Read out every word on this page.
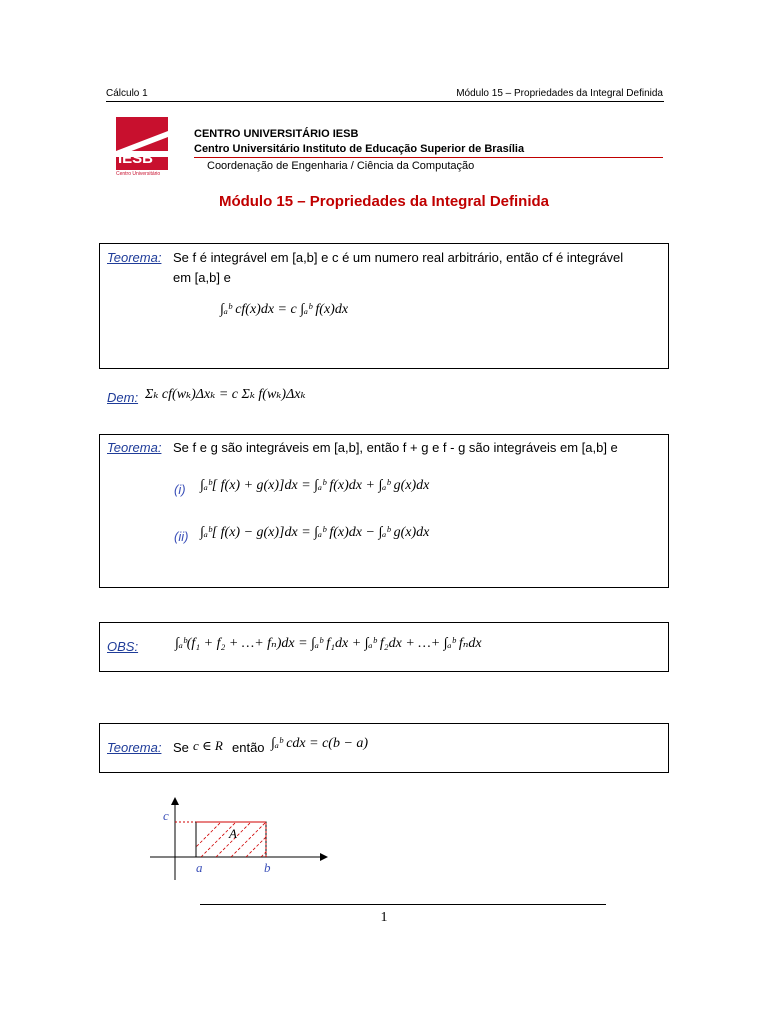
Cálculo 1	Módulo 15 – Propriedades da Integral Definida
IESB
Centro Universitário
CENTRO UNIVERSITÁRIO IESB
Centro Universitário Instituto de Educação Superior de Brasília
Coordenação de Engenharia / Ciência da Computação
Módulo 15 – Propriedades da Integral Definida
Teorema: Se f é integrável em [a,b] e c é um numero real arbitrário, então cf é integrável
em [a,b] e
∫ₐᵇ cf(x)dx = c ∫ₐᵇ f(x)dx
Dem: Σₖ cf(wₖ)Δxₖ = c Σₖ f(wₖ)Δxₖ
Teorema: Se f e g são integráveis em [a,b], então f + g e f - g são integráveis em [a,b] e
(i) ∫ₐᵇ[ f(x) + g(x)]dx = ∫ₐᵇ f(x)dx + ∫ₐᵇ g(x)dx
(ii) ∫ₐᵇ[ f(x) − g(x)]dx = ∫ₐᵇ f(x)dx − ∫ₐᵇ g(x)dx
OBS:	∫ₐᵇ(f₁ + f₂ + …+ fₙ)dx = ∫ₐᵇ f₁dx + ∫ₐᵇ f₂dx + …+ ∫ₐᵇ fₙdx
Teorema: Se c ∈ R então ∫ₐᵇ cdx = c(b − a)
c
A
a	b
1
